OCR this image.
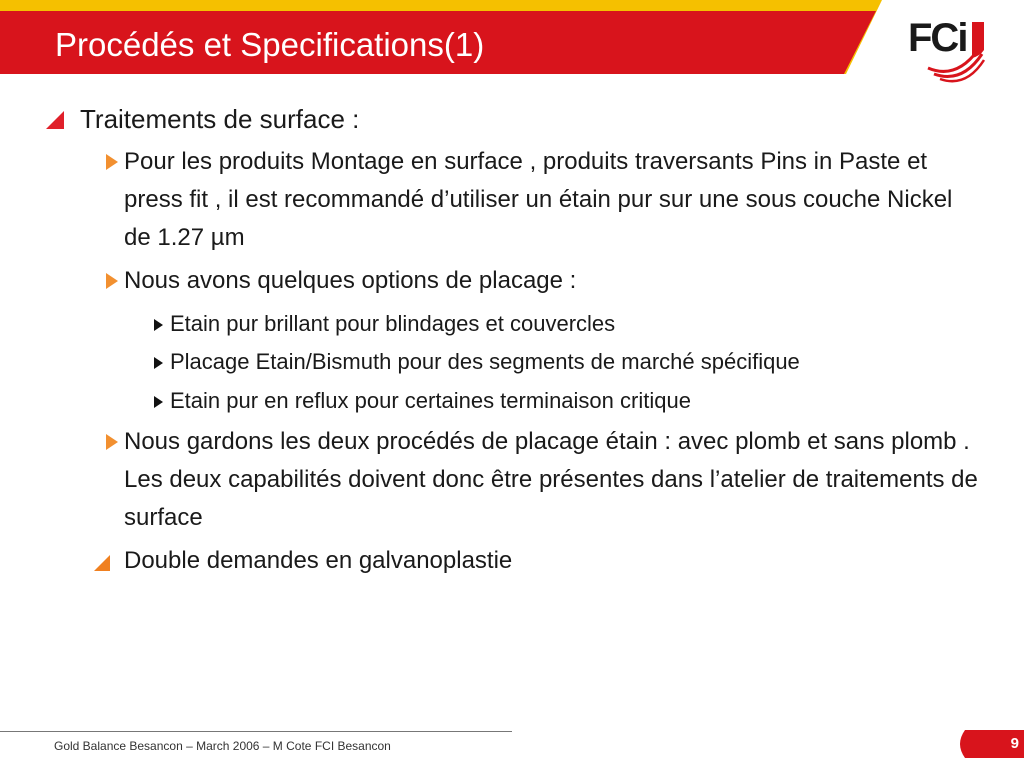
Procédés et Specifications(1)	FCi

Traitements de surface :

Pour les produits Montage en surface , produits traversants Pins in Paste et press fit , il est recommandé d’utiliser un étain pur sur une sous couche Nickel de 1.27 µm

Nous avons quelques options de placage :

Etain pur brillant pour blindages et couvercles

Placage Etain/Bismuth pour des segments de marché spécifique

Etain pur en reflux pour certaines terminaison critique

Nous gardons les deux procédés de placage étain : avec plomb et sans plomb . Les deux capabilités doivent donc être présentes dans l’atelier de traitements de surface

Double demandes en galvanoplastie

Gold Balance Besancon – March 2006 – M Cote FCI Besancon	9
